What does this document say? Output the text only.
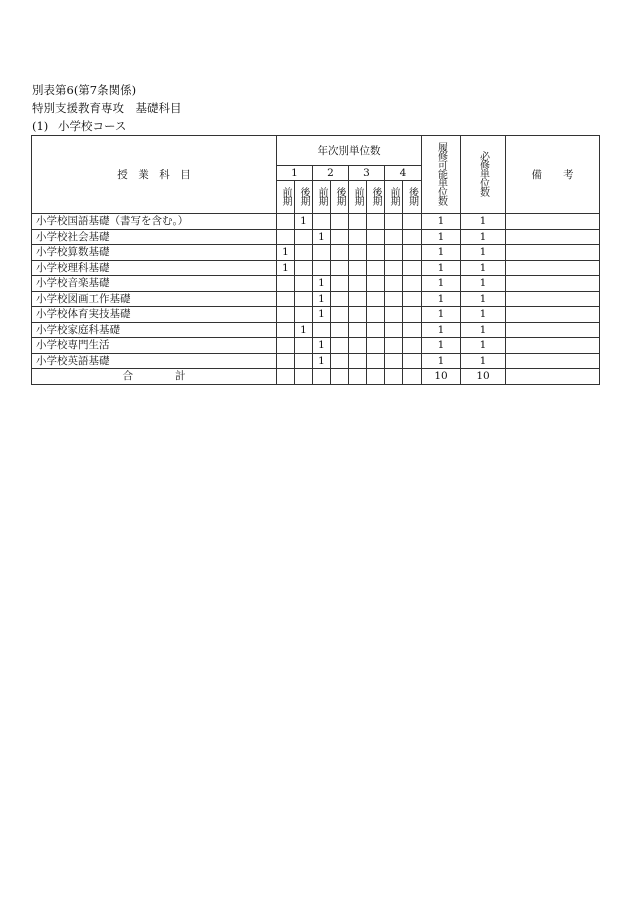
別表第6(第7条関係)
特別支援教育専攻　基礎科目
(1) 小学校コース
授　業　科　目	年次別単位数								履修可能単位数	必修単位数	備　　考
	1		2		3		4				
	前期	後期	前期	後期	前期	後期	前期	後期			
小学校国語基礎（書写を含む。）		1							1	1	
小学校社会基礎			1						1	1	
小学校算数基礎	1								1	1	
小学校理科基礎	1								1	1	
小学校音楽基礎			1						1	1	
小学校図画工作基礎			1						1	1	
小学校体育実技基礎			1						1	1	
小学校家庭科基礎		1							1	1	
小学校専門生活			1						1	1	
小学校英語基礎			1						1	1	
合　　　　計									10	10	
